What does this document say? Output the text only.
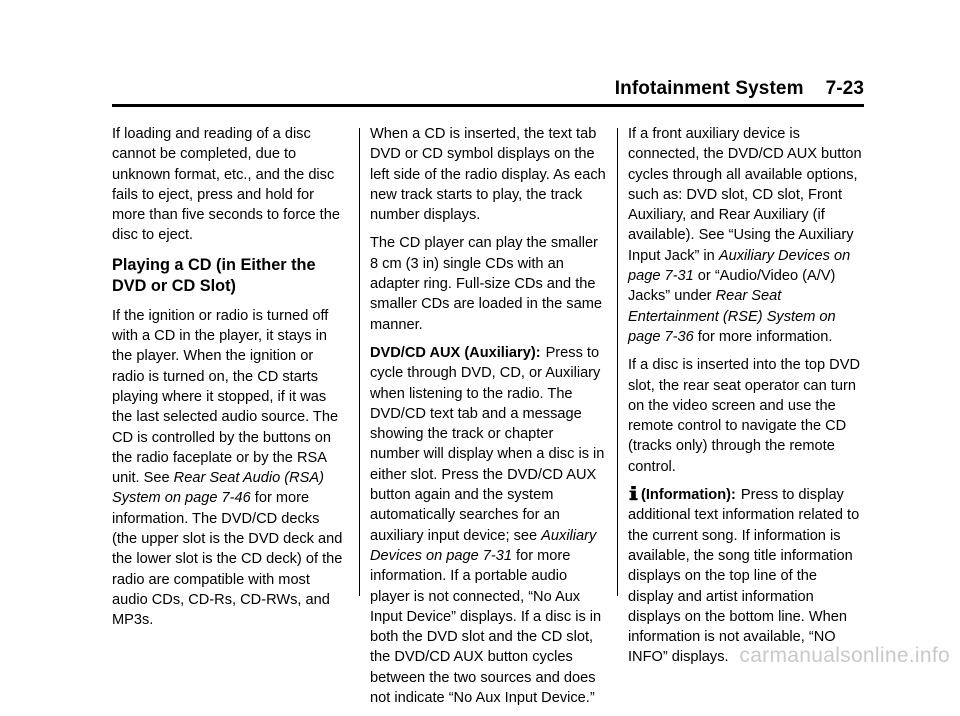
Infotainment System 7-23

If loading and reading of a disc cannot be completed, due to unknown format, etc., and the disc fails to eject, press and hold for more than five seconds to force the disc to eject.

Playing a CD (in Either the DVD or CD Slot)

If the ignition or radio is turned off with a CD in the player, it stays in the player. When the ignition or radio is turned on, the CD starts playing where it stopped, if it was the last selected audio source. The CD is controlled by the buttons on the radio faceplate or by the RSA unit. See Rear Seat Audio (RSA) System on page 7-46 for more information. The DVD/CD decks (the upper slot is the DVD deck and the lower slot is the CD deck) of the radio are compatible with most audio CDs, CD-Rs, CD-RWs, and MP3s.

When a CD is inserted, the text tab DVD or CD symbol displays on the left side of the radio display. As each new track starts to play, the track number displays.

The CD player can play the smaller 8 cm (3 in) single CDs with an adapter ring. Full-size CDs and the smaller CDs are loaded in the same manner.

DVD/CD AUX (Auxiliary): Press to cycle through DVD, CD, or Auxiliary when listening to the radio. The DVD/CD text tab and a message showing the track or chapter number will display when a disc is in either slot. Press the DVD/CD AUX button again and the system automatically searches for an auxiliary input device; see Auxiliary Devices on page 7-31 for more information. If a portable audio player is not connected, “No Aux Input Device” displays. If a disc is in both the DVD slot and the CD slot, the DVD/CD AUX button cycles between the two sources and does not indicate “No Aux Input Device.”

If a front auxiliary device is connected, the DVD/CD AUX button cycles through all available options, such as: DVD slot, CD slot, Front Auxiliary, and Rear Auxiliary (if available). See “Using the Auxiliary Input Jack” in Auxiliary Devices on page 7-31 or “Audio/Video (A/V) Jacks” under Rear Seat Entertainment (RSE) System on page 7-36 for more information.

If a disc is inserted into the top DVD slot, the rear seat operator can turn on the video screen and use the remote control to navigate the CD (tracks only) through the remote control.

(Information): Press to display additional text information related to the current song. If information is available, the song title information displays on the top line of the display and artist information displays on the bottom line. When information is not available, “NO INFO” displays. carmanualsonline.info
